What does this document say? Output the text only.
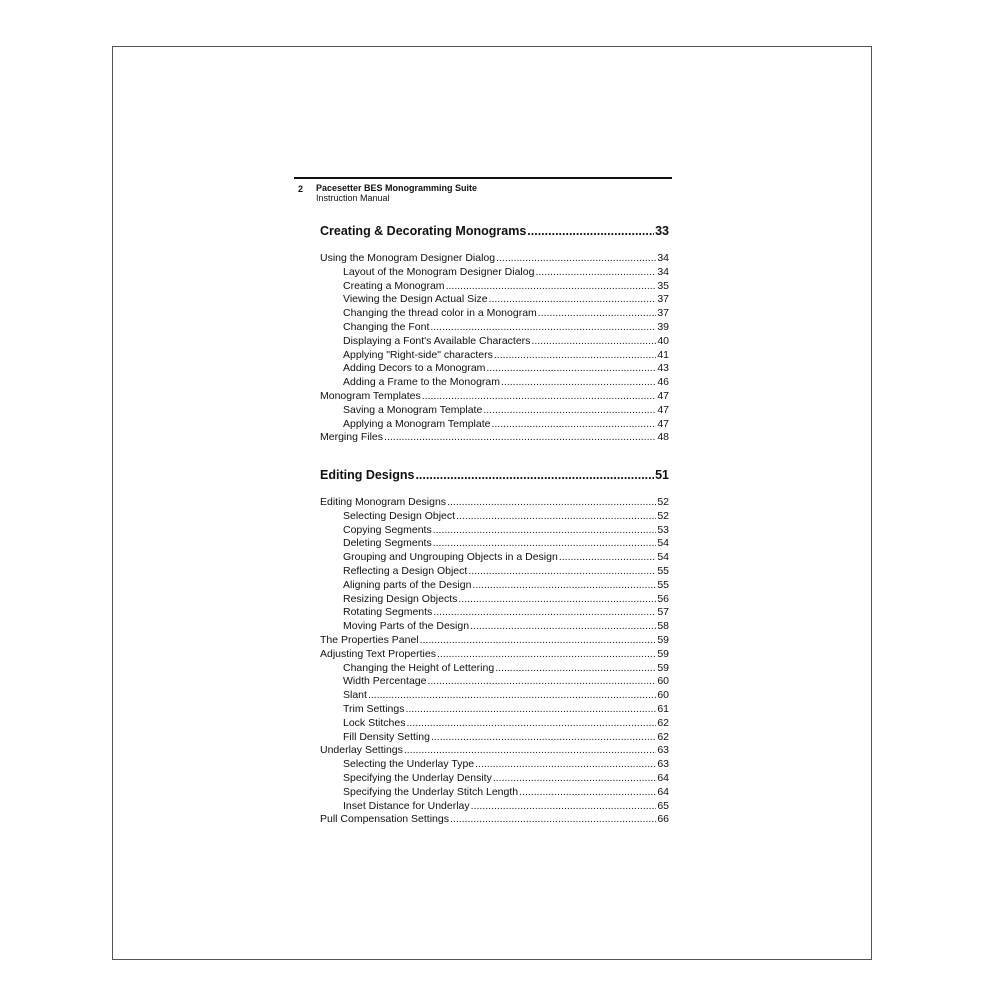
2 Pacesetter BES Monogramming Suite
Instruction Manual
Creating & Decorating Monograms .....	33
Using the Monogram Designer Dialog .....	34
Layout of the Monogram Designer Dialog .....	34
Creating a Monogram .....	35
Viewing the Design Actual Size .....	37
Changing the thread color in a Monogram .....	37
Changing the Font .....	39
Displaying a Font's Available Characters .....	40
Applying "Right-side" characters .....	41
Adding Decors to a Monogram .....	43
Adding a Frame to the Monogram .....	46
Monogram Templates .....	47
Saving a Monogram Template .....	47
Applying a Monogram Template .....	47
Merging Files .....	48
Editing Designs .....	51
Editing Monogram Designs .....	52
Selecting Design Object .....	52
Copying Segments .....	53
Deleting Segments .....	54
Grouping and Ungrouping Objects in a Design .....	54
Reflecting a Design Object .....	55
Aligning parts of the Design .....	55
Resizing Design Objects .....	56
Rotating Segments .....	57
Moving Parts of the Design .....	58
The Properties Panel .....	59
Adjusting Text Properties .....	59
Changing the Height of Lettering .....	59
Width Percentage .....	60
Slant .....	60
Trim Settings .....	61
Lock Stitches .....	62
Fill Density Setting .....	62
Underlay Settings .....	63
Selecting the Underlay Type .....	63
Specifying the Underlay Density .....	64
Specifying the Underlay Stitch Length .....	64
Inset Distance for Underlay .....	65
Pull Compensation Settings .....	66
